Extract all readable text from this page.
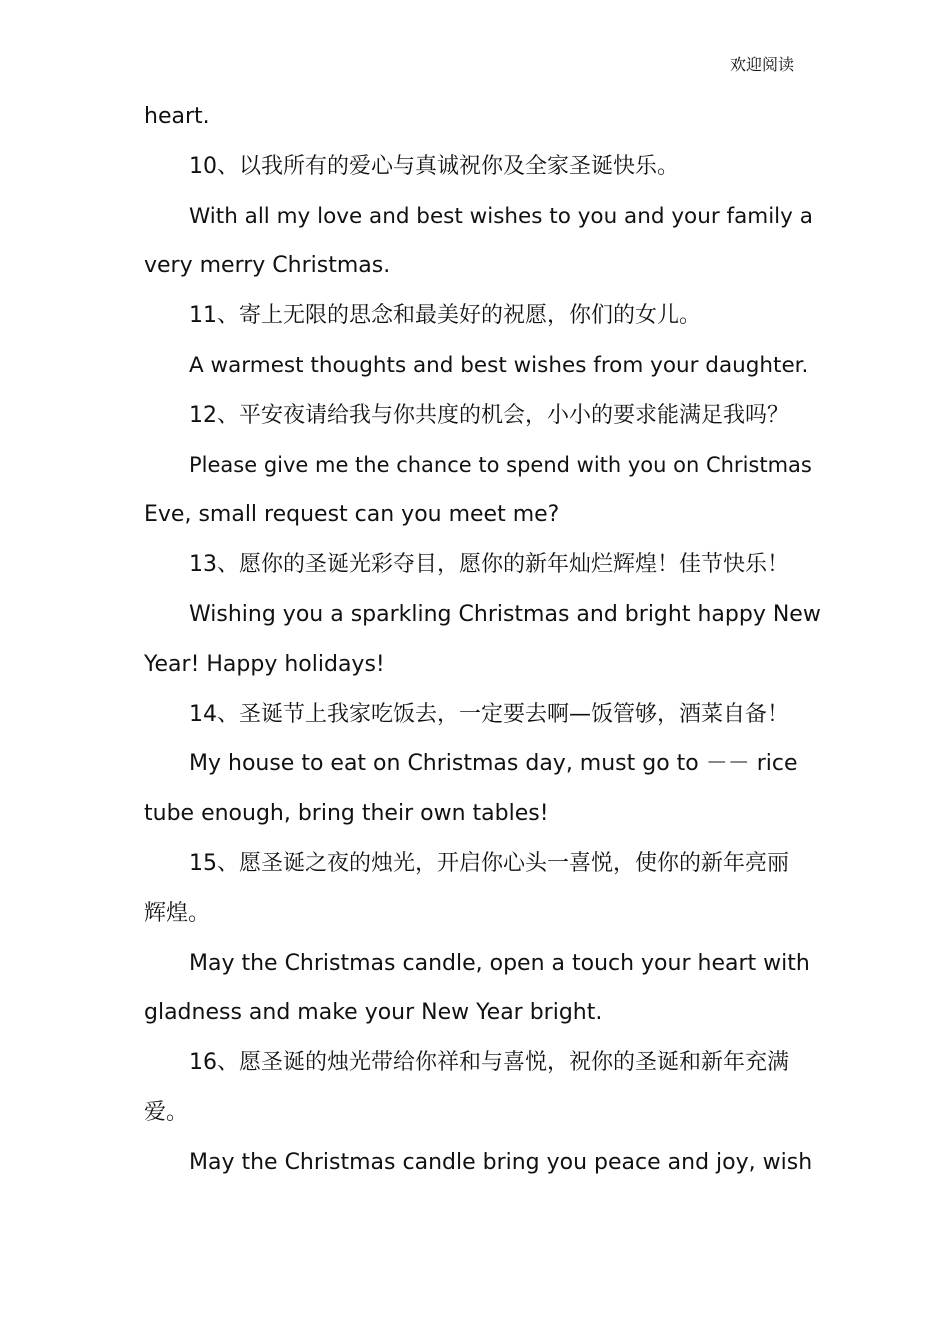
欢迎阅读
heart.
10、以我所有的爱心与真诚祝你及全家圣诞快乐。
With all my love and best wishes to you and your family a
very merry Christmas.
11、寄上无限的思念和最美好的祝愿，你们的女儿。
A warmest thoughts and best wishes from your daughter.
12、平安夜请给我与你共度的机会，小小的要求能满足我吗？
Please give me the chance to spend with you on Christmas
Eve, small request can you meet me?
13、愿你的圣诞光彩夺目，愿你的新年灿烂辉煌！佳节快乐！
Wishing you a sparkling Christmas and bright happy New
Year! Happy holidays!
14、圣诞节上我家吃饭去，一定要去啊—饭管够，酒菜自备！
My house to eat on Christmas day, must go to －－ rice
tube enough, bring their own tables!
15、愿圣诞之夜的烛光，开启你心头一喜悦，使你的新年亮丽
辉煌。
May the Christmas candle, open a touch your heart with
gladness and make your New Year bright.
16、愿圣诞的烛光带给你祥和与喜悦，祝你的圣诞和新年充满
爱。
May the Christmas candle bring you peace and joy, wish
